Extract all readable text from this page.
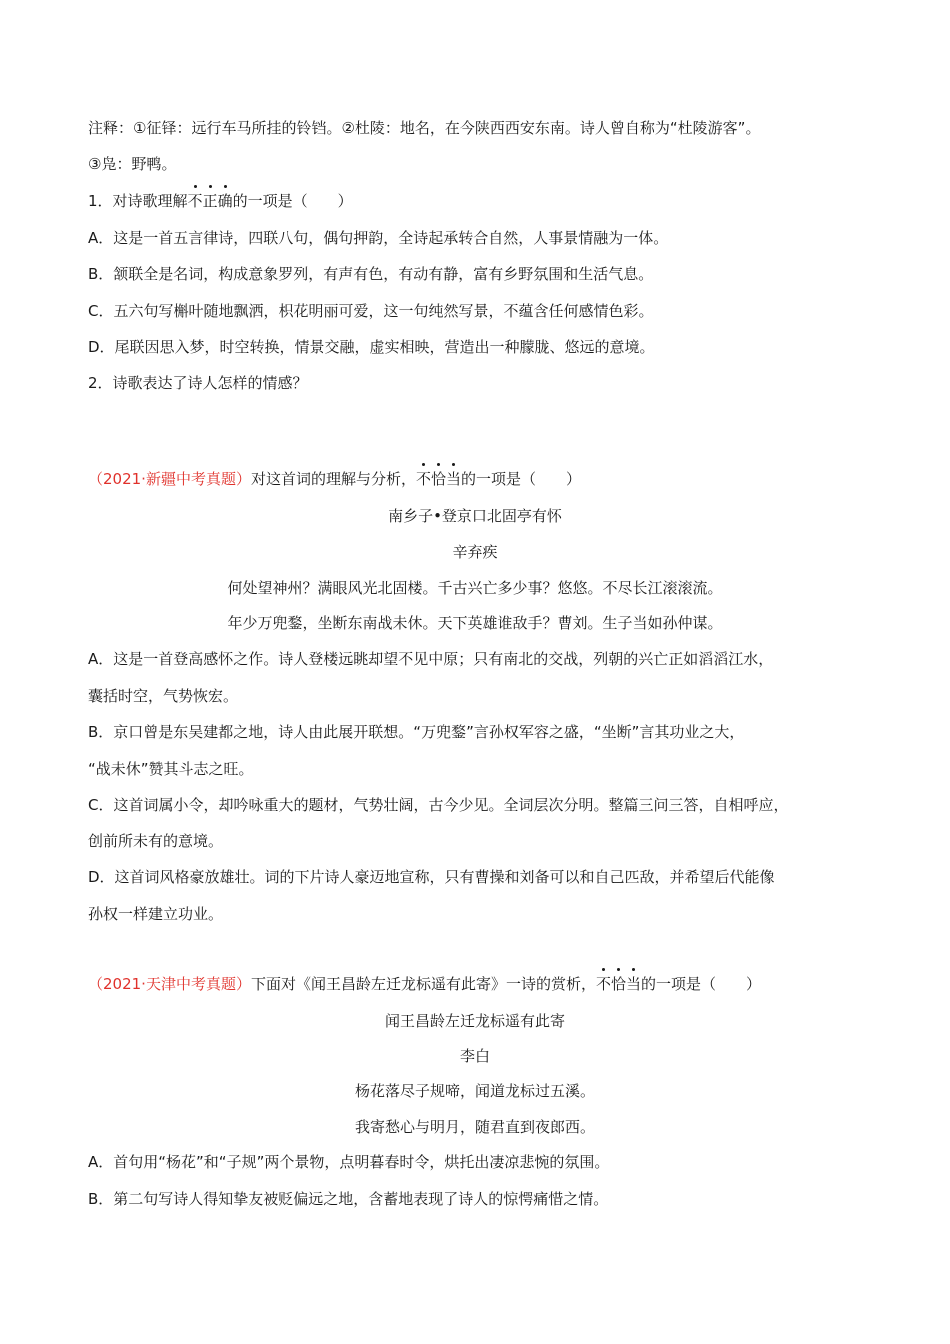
注释：①征铎：远行车马所挂的铃铛。②杜陵：地名，在今陕西西安东南。诗人曾自称为“杜陵游客”。
③凫：野鸭。
1．对诗歌理解不正确的一项是（　　）
A．这是一首五言律诗，四联八句，偶句押韵，全诗起承转合自然，人事景情融为一体。
B．颔联全是名词，构成意象罗列，有声有色，有动有静，富有乡野氛围和生活气息。
C．五六句写槲叶随地飘洒，枳花明丽可爱，这一句纯然写景，不蕴含任何感情色彩。
D．尾联因思入梦，时空转换，情景交融，虚实相映，营造出一种朦胧、悠远的意境。
2．诗歌表达了诗人怎样的情感？
（2021·新疆中考真题）对这首词的理解与分析，不恰当的一项是（　　）
南乡子•登京口北固亭有怀
辛弃疾
何处望神州？满眼风光北固楼。千古兴亡多少事？悠悠。不尽长江滚滚流。
年少万兜鍪，坐断东南战未休。天下英雄谁敌手？曹刘。生子当如孙仲谋。
A．这是一首登高感怀之作。诗人登楼远眺却望不见中原；只有南北的交战，列朝的兴亡正如滔滔江水，
囊括时空，气势恢宏。
B．京口曾是东吴建都之地，诗人由此展开联想。“万兜鍪”言孙权军容之盛，“坐断”言其功业之大，
“战未休”赞其斗志之旺。
C．这首词属小令，却吟咏重大的题材，气势壮阔，古今少见。全词层次分明。整篇三问三答，自相呼应，
创前所未有的意境。
D．这首词风格豪放雄壮。词的下片诗人豪迈地宣称，只有曹操和刘备可以和自己匹敌，并希望后代能像
孙权一样建立功业。
（2021·天津中考真题）下面对《闻王昌龄左迁龙标遥有此寄》一诗的赏析，不恰当的一项是（　　）
闻王昌龄左迁龙标遥有此寄
李白
杨花落尽子规啼，闻道龙标过五溪。
我寄愁心与明月，随君直到夜郎西。
A．首句用“杨花”和“子规”两个景物，点明暮春时令，烘托出凄凉悲惋的氛围。
B．第二句写诗人得知挚友被贬偏远之地，含蓄地表现了诗人的惊愕痛惜之情。
